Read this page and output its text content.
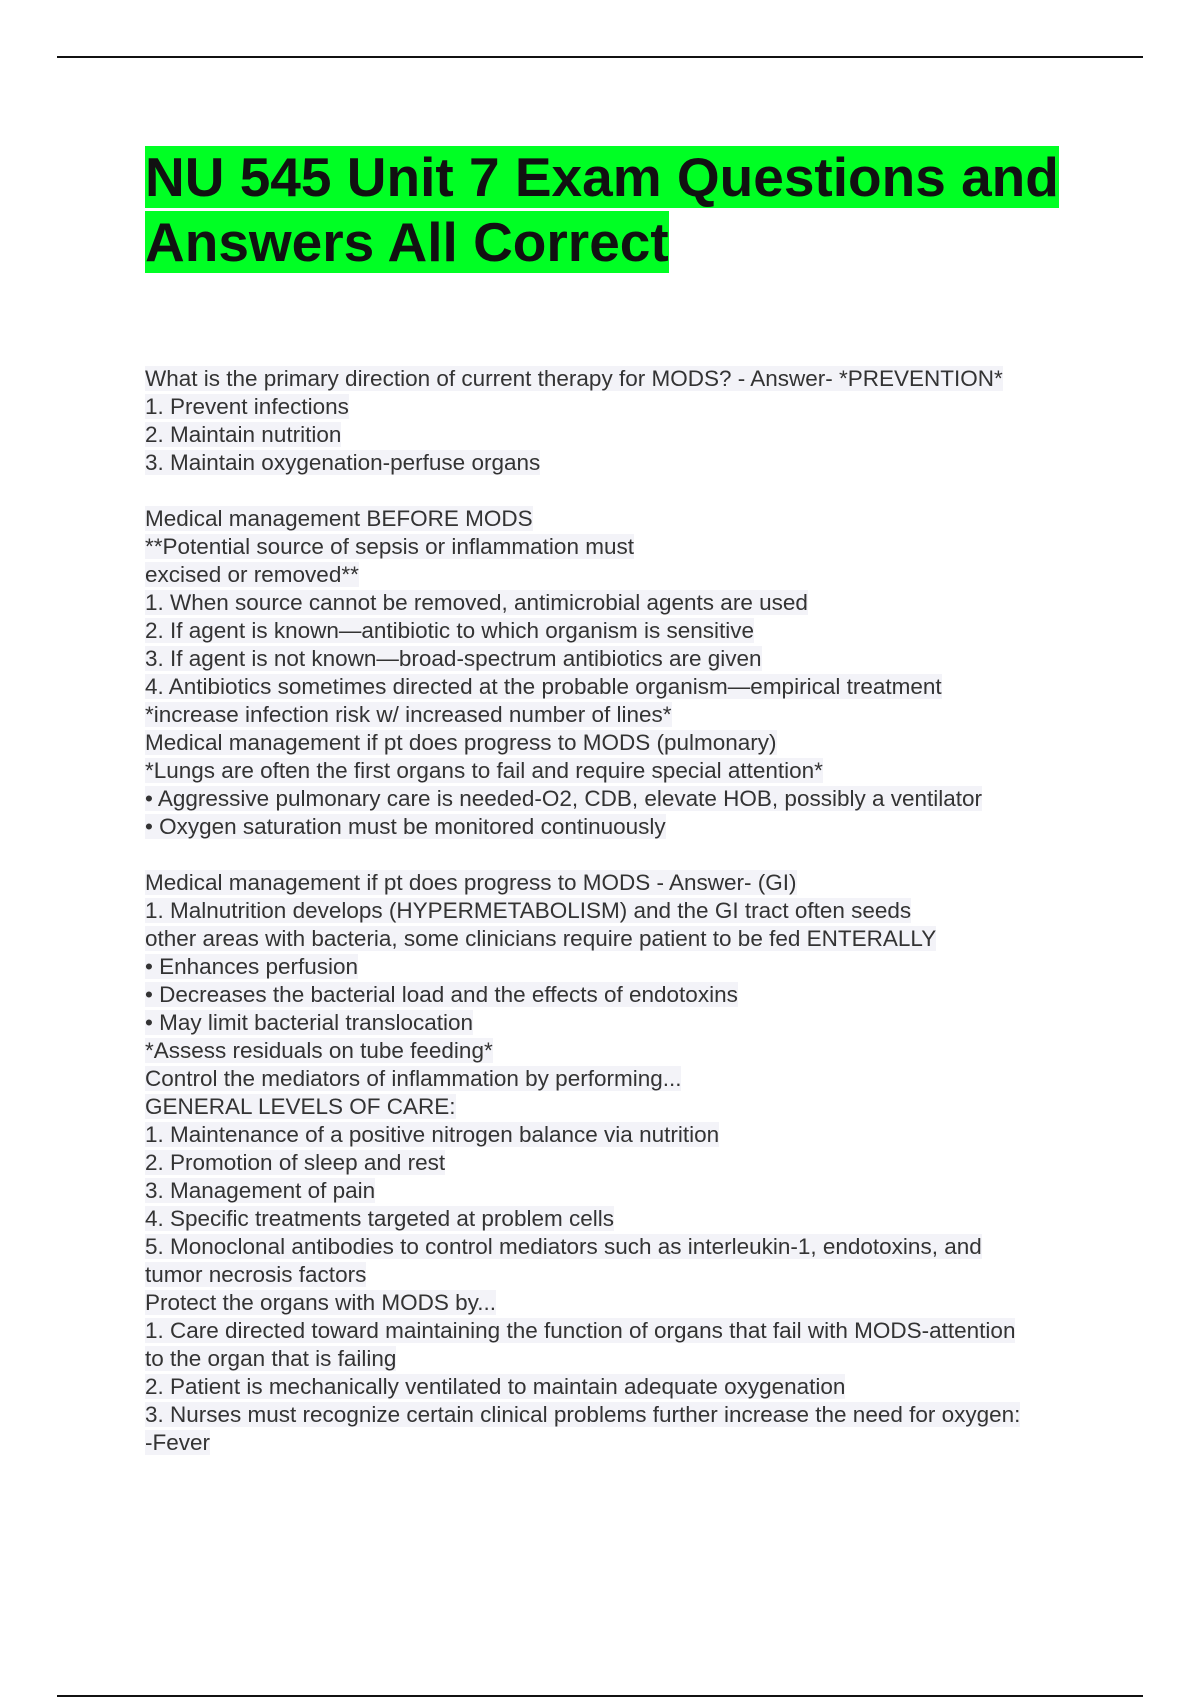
NU 545 Unit 7 Exam Questions and
Answers All Correct
What is the primary direction of current therapy for MODS? - Answer- *PREVENTION*
1. Prevent infections
2. Maintain nutrition
3. Maintain oxygenation-perfuse organs
Medical management BEFORE MODS
**Potential source of sepsis or inflammation must
excised or removed**
1. When source cannot be removed, antimicrobial agents are used
2. If agent is known—antibiotic to which organism is sensitive
3. If agent is not known—broad-spectrum antibiotics are given
4. Antibiotics sometimes directed at the probable organism—empirical treatment
*increase infection risk w/ increased number of lines*
Medical management if pt does progress to MODS (pulmonary)
*Lungs are often the first organs to fail and require special attention*
• Aggressive pulmonary care is needed-O2, CDB, elevate HOB, possibly a ventilator
• Oxygen saturation must be monitored continuously
Medical management if pt does progress to MODS - Answer- (GI)
1. Malnutrition develops (HYPERMETABOLISM) and the GI tract often seeds
other areas with bacteria, some clinicians require patient to be fed ENTERALLY
• Enhances perfusion
• Decreases the bacterial load and the effects of endotoxins
• May limit bacterial translocation
*Assess residuals on tube feeding*
Control the mediators of inflammation by performing...
GENERAL LEVELS OF CARE:
1. Maintenance of a positive nitrogen balance via nutrition
2. Promotion of sleep and rest
3. Management of pain
4. Specific treatments targeted at problem cells
5. Monoclonal antibodies to control mediators such as interleukin-1, endotoxins, and
tumor necrosis factors
Protect the organs with MODS by...
1. Care directed toward maintaining the function of organs that fail with MODS-attention
to the organ that is failing
2. Patient is mechanically ventilated to maintain adequate oxygenation
3. Nurses must recognize certain clinical problems further increase the need for oxygen:
-Fever
